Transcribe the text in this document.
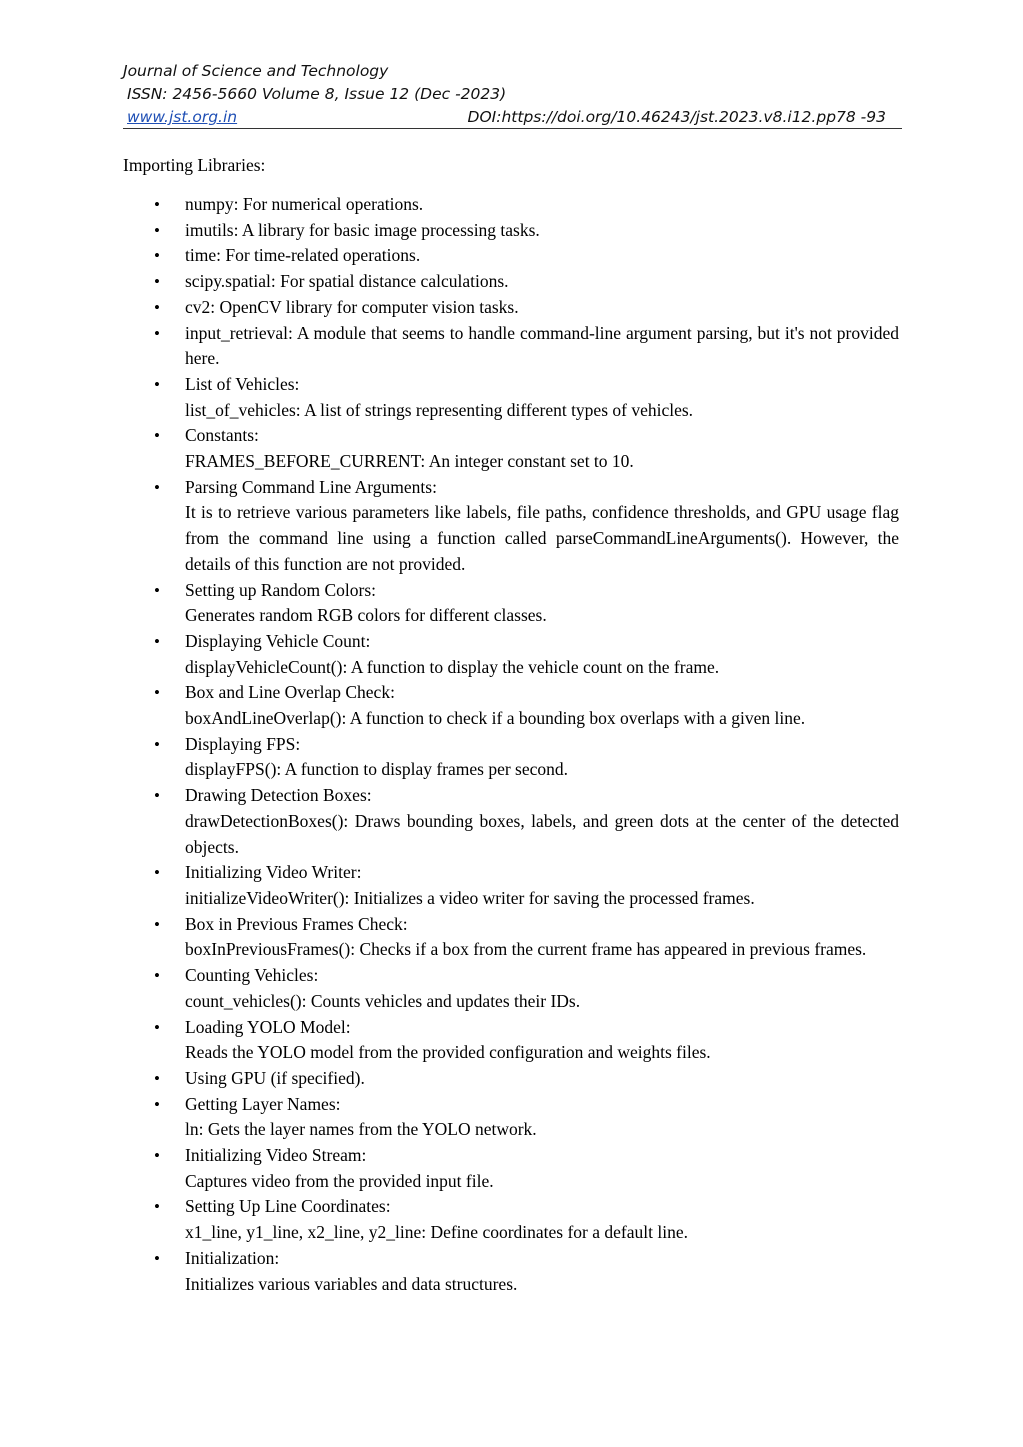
Journal of Science and Technology
ISSN: 2456-5660 Volume 8, Issue 12 (Dec -2023)
www.jst.org.in	DOI:https://doi.org/10.46243/jst.2023.v8.i12.pp78 -93
Importing Libraries:
• numpy: For numerical operations.
• imutils: A library for basic image processing tasks.
• time: For time-related operations.
• scipy.spatial: For spatial distance calculations.
• cv2: OpenCV library for computer vision tasks.
• input_retrieval: A module that seems to handle command-line argument parsing, but it's not provided here.
• List of Vehicles:
list_of_vehicles: A list of strings representing different types of vehicles.
• Constants:
FRAMES_BEFORE_CURRENT: An integer constant set to 10.
• Parsing Command Line Arguments:
It is to retrieve various parameters like labels, file paths, confidence thresholds, and GPU usage flag from the command line using a function called parseCommandLineArguments(). However, the details of this function are not provided.
• Setting up Random Colors:
Generates random RGB colors for different classes.
• Displaying Vehicle Count:
displayVehicleCount(): A function to display the vehicle count on the frame.
• Box and Line Overlap Check:
boxAndLineOverlap(): A function to check if a bounding box overlaps with a given line.
• Displaying FPS:
displayFPS(): A function to display frames per second.
• Drawing Detection Boxes:
drawDetectionBoxes(): Draws bounding boxes, labels, and green dots at the center of the detected objects.
• Initializing Video Writer:
initializeVideoWriter(): Initializes a video writer for saving the processed frames.
• Box in Previous Frames Check:
boxInPreviousFrames(): Checks if a box from the current frame has appeared in previous frames.
• Counting Vehicles:
count_vehicles(): Counts vehicles and updates their IDs.
• Loading YOLO Model:
Reads the YOLO model from the provided configuration and weights files.
• Using GPU (if specified).
• Getting Layer Names:
ln: Gets the layer names from the YOLO network.
• Initializing Video Stream:
Captures video from the provided input file.
• Setting Up Line Coordinates:
x1_line, y1_line, x2_line, y2_line: Define coordinates for a default line.
• Initialization:
Initializes various variables and data structures.
